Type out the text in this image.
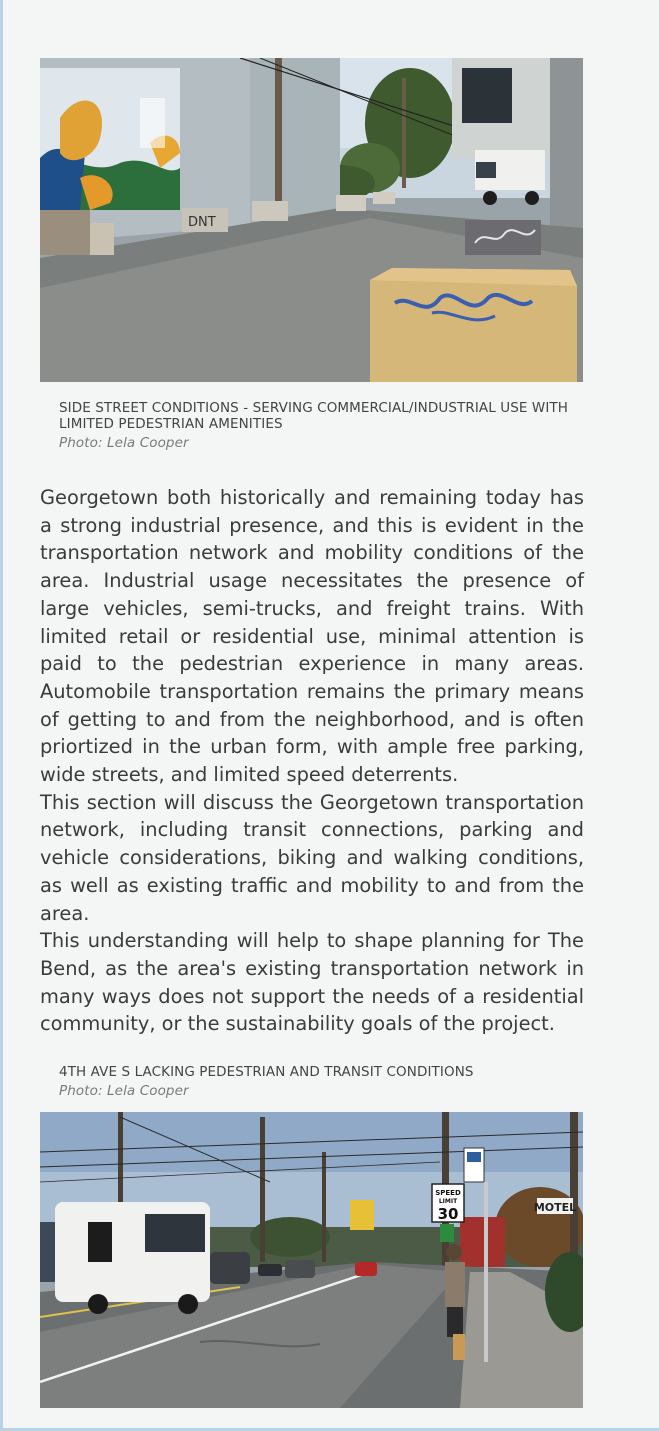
DNT
SIDE STREET CONDITIONS - SERVING COMMERCIAL/INDUSTRIAL USE WITH LIMITED PEDESTRIAN AMENITIES
Photo: Lela Cooper

Georgetown both historically and remaining today has a strong industrial presence, and this is evident in the transportation network and mobility conditions of the area. Industrial usage necessitates the presence of large vehicles, semi-trucks, and freight trains. With limited retail or residential use, minimal attention is paid to the pedestrian experience in many areas. Automobile transportation remains the primary means of getting to and from the neighborhood, and is often priortized in the urban form, with ample free parking, wide streets, and limited speed deterrents.

This section will discuss the Georgetown transportation network, including transit connections, parking and vehicle considerations, biking and walking conditions, as well as existing traffic and mobility to and from the area.

This understanding will help to shape planning for The Bend, as the area's existing transportation network in many ways does not support the needs of a residential community, or the sustainability goals of the project.

4TH AVE S LACKING PEDESTRIAN AND TRANSIT CONDITIONS
Photo: Lela Cooper
SPEED
LIMIT
30	MOTEL
